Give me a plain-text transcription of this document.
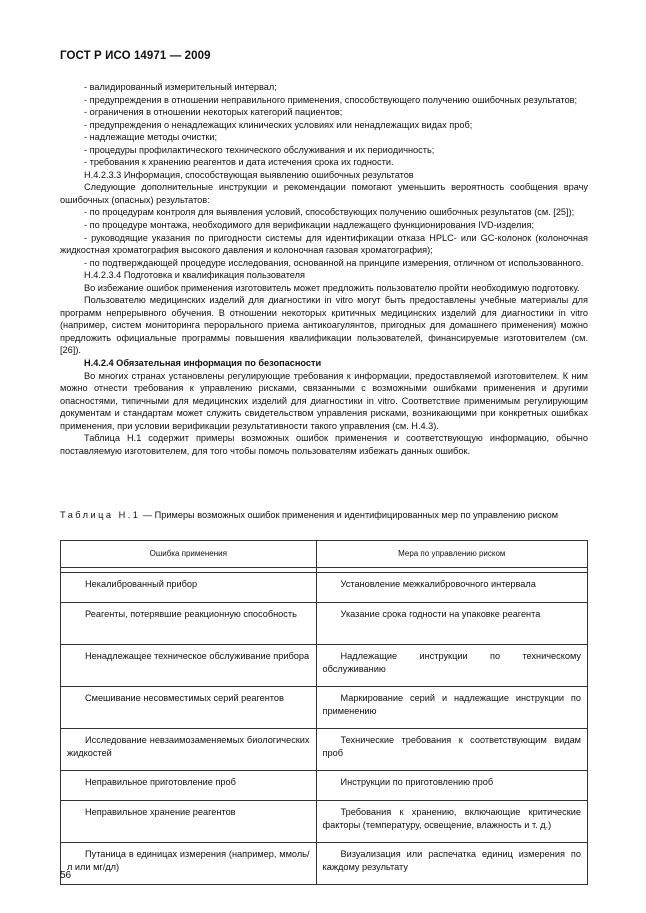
ГОСТ Р ИСО 14971 — 2009

- валидированный измерительный интервал;

- предупреждения в отношении неправильного применения, способствующего получению ошибочных результатов;

- ограничения в отношении некоторых категорий пациентов;

- предупреждения о ненадлежащих клинических условиях или ненадлежащих видах проб;

- надлежащие методы очистки;

- процедуры профилактического технического обслуживания и их периодичность;

- требования к хранению реагентов и дата истечения срока их годности.

Н.4.2.3.3 Информация, способствующая выявлению ошибочных результатов

Следующие дополнительные инструкции и рекомендации помогают уменьшить вероятность сообщения врачу ошибочных (опасных) результатов:

- по процедурам контроля для выявления условий, способствующих получению ошибочных результатов (см. [25]);

- по процедуре монтажа, необходимого для верификации надлежащего функционирования IVD-изделия;

- руководящие указания по пригодности системы для идентификации отказа HPLC- или GC-колонок (колоночная жидкостная хроматография высокого давления и колоночная газовая хроматография);

- по подтверждающей процедуре исследования, основанной на принципе измерения, отличном от использованного.

Н.4.2.3.4 Подготовка и квалификация пользователя

Во избежание ошибок применения изготовитель может предложить пользователю пройти необходимую подготовку.

Пользователю медицинских изделий для диагностики in vitro могут быть предоставлены учебные материалы для программ непрерывного обучения. В отношении некоторых критичных медицинских изделий для диагностики in vitro (например, систем мониторинга перорального приема антикоагулянтов, пригодных для домашнего применения) можно предложить официальные программы повышения квалификации пользователей, финансируемые изготовителем (см. [26]).

Н.4.2.4 Обязательная информация по безопасности

Во многих странах установлены регулирующие требования к информации, предоставляемой изготовителем. К ним можно отнести требования к управлению рисками, связанными с возможными ошибками применения и другими опасностями, типичными для медицинских изделий для диагностики in vitro. Соответствие применимым регулирующим документам и стандартам может служить свидетельством управления рисками, возникающими при конкретных ошибках применения, при условии верификации результативности такого управления (см. Н.4.3).

Таблица Н.1 содержит примеры возможных ошибок применения и соответствующую информацию, обычно поставляемую изготовителем, для того чтобы помочь пользователям избежать данных ошибок.

Таблица Н.1 — Примеры возможных ошибок применения и идентифицированных мер по управлению риском
Ошибка применения	Мера по управлению риском

Некалиброванный прибор	Установление межкалибровочного интервала

Реагенты, потерявшие реакционную способность	Указание срока годности на упаковке реагента

Ненадлежащее техническое обслуживание прибора	Надлежащие инструкции по техническому обслуживанию

Смешивание несовместимых серий реагентов	Маркирование серий и надлежащие инструкции по применению

Исследование невзаимозаменяемых биологических жидкостей	Технические требования к соответствующим видам проб

Неправильное приготовление проб	Инструкции по приготовлению проб

Неправильное хранение реагентов	Требования к хранению, включающие критические факторы (температуру, освещение, влажность и т. д.)

Путаница в единицах измерения (например, ммоль/л или мг/дл)	Визуализация или распечатка единиц измерения по каждому результату
56
